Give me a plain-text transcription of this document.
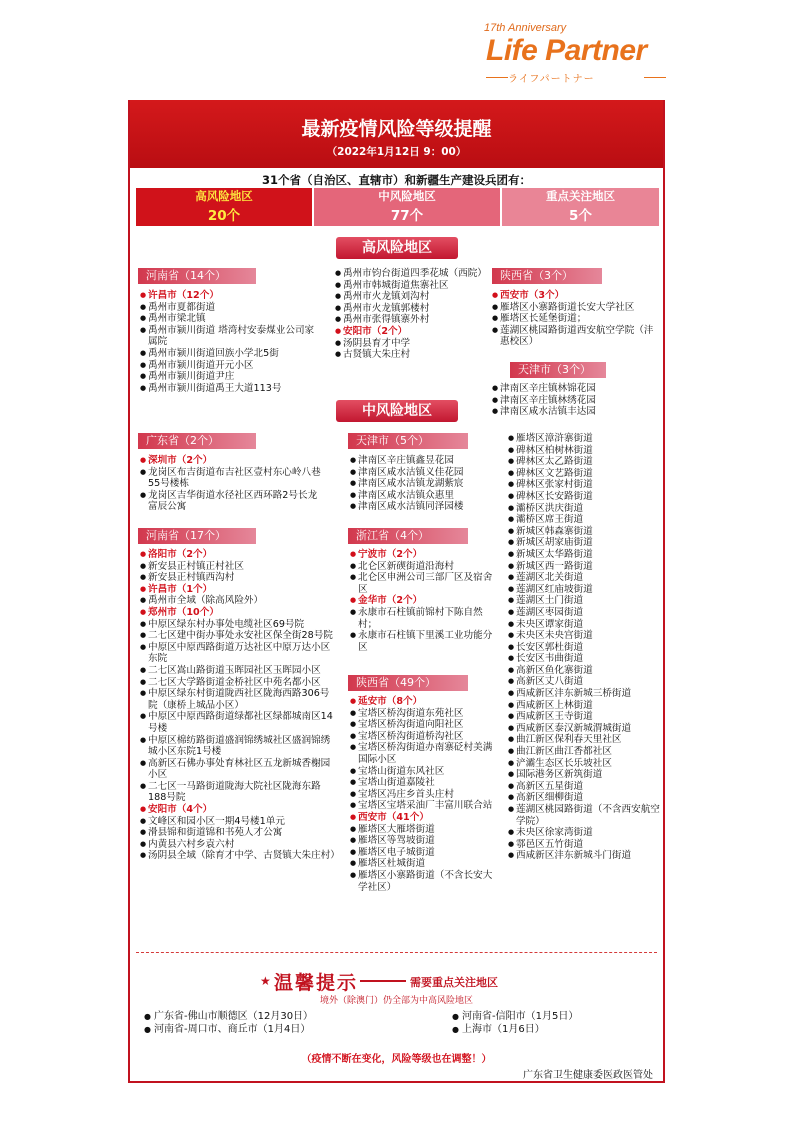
17th Anniversary
Life Partner
ライフパートナー
最新疫情风险等级提醒
（2022年1月12日 9：00）
31个省（自治区、直辖市）和新疆生产建设兵团有：
高风险地区
20个
中风险地区
77个
重点关注地区
5个
高风险地区
河南省（14个）
● 许昌市（12个）
● 禹州市夏都街道
● 禹州市梁北镇
● 禹州市颍川街道 塔湾村安泰煤业公司家属院
● 禹州市颍川街道回族小学北5街
● 禹州市颍川街道开元小区
● 禹州市颍川街道尹庄
● 禹州市颍川街道禹王大道113号
● 禹州市钧台街道四季花城（西院）
● 禹州市韩城街道焦寨社区
● 禹州市火龙镇刘沟村
● 禹州市火龙镇郭楼村
● 禹州市张得镇寨外村
● 安阳市（2个）
● 汤阴县育才中学
● 古贤镇大朱庄村
陕西省（3个）
● 西安市（3个）
● 雁塔区小寨路街道长安大学社区
● 雁塔区长延堡街道；
● 莲湖区桃园路街道西安航空学院（沣惠校区）
天津市（3个）
● 津南区辛庄镇林锦花园
● 津南区辛庄镇林绣花园
● 津南区咸水沽镇丰达园
中风险地区
广东省（2个）
● 深圳市（2个）
● 龙岗区布吉街道布吉社区壹村东心岭八巷55号楼栋
● 龙岗区吉华街道水径社区西环路2号长龙富辰公寓
河南省（17个）
● 洛阳市（2个）
● 新安县正村镇正村社区
● 新安县正村镇西沟村
● 许昌市（1个）
● 禹州市全域（除高风险外）
● 郑州市（10个）
● 中原区绿东村办事处电缆社区69号院
● 二七区建中街办事处永安社区保全街28号院
● 中原区中原西路街道万达社区中原万达小区东院
● 二七区嵩山路街道玉晖园社区玉晖园小区
● 二七区大学路街道金桥社区中苑名都小区
● 中原区绿东村街道陇西社区陇海西路306号院（康桥上城品小区）
● 中原区中原西路街道绿都社区绿都城南区14号楼
● 中原区棉纺路街道盛润锦绣城社区盛润锦绣城小区东院1号楼
● 高新区石佛办事处育林社区五龙新城香榭园小区
● 二七区一马路街道陇海大院社区陇海东路188号院
● 安阳市（4个）
● 文峰区和园小区一期4号楼1单元
● 滑县锦和街道锦和书苑人才公寓
● 内黄县六村乡袁六村
● 汤阴县全域（除育才中学、古贤镇大朱庄村）
天津市（5个）
● 津南区辛庄镇鑫昱花园
● 津南区咸水沽镇义佳花园
● 津南区咸水沽镇龙湖紫宸
● 津南区咸水沽镇众惠里
● 津南区咸水沽镇同泽园楼
浙江省（4个）
● 宁波市（2个）
● 北仑区新碶街道沿海村
● 北仑区申洲公司三部厂区及宿舍区
● 金华市（2个）
● 永康市石柱镇前锦村下陈自然村；
● 永康市石柱镇下里溪工业功能分区
陕西省（49个）
● 延安市（8个）
● 宝塔区桥沟街道东苑社区
● 宝塔区桥沟街道向阳社区
● 宝塔区桥沟街道桥沟社区
● 宝塔区桥沟街道办南寨砭村美满国际小区
● 宝塔山街道东风社区
● 宝塔山街道嘉陵社
● 宝塔区冯庄乡首头庄村
● 宝塔区宝塔采油厂丰富川联合站
● 西安市（41个）
● 雁塔区大雁塔街道
● 雁塔区等驾坡街道
● 雁塔区电子城街道
● 雁塔区杜城街道
● 雁塔区小寨路街道（不含长安大学社区）
● 雁塔区漳浒寨街道
● 碑林区柏树林街道
● 碑林区太乙路街道
● 碑林区文艺路街道
● 碑林区张家村街道
● 碑林区长安路街道
● 灞桥区洪庆街道
● 灞桥区席王街道
● 新城区韩森寨街道
● 新城区胡家庙街道
● 新城区太华路街道
● 新城区西一路街道
● 莲湖区北关街道
● 莲湖区红庙坡街道
● 莲湖区土门街道
● 莲湖区枣园街道
● 未央区谭家街道
● 未央区未央宫街道
● 长安区郭杜街道
● 长安区韦曲街道
● 高新区鱼化寨街道
● 高新区丈八街道
● 西咸新区沣东新城三桥街道
● 西咸新区上林街道
● 西咸新区王寺街道
● 西咸新区泰汉新城渭城街道
● 曲江新区保利春天里社区
● 曲江新区曲江香都社区
● 浐灞生态区长乐坡社区
● 国际港务区新筑街道
● 高新区五星街道
● 高新区细柳街道
● 莲湖区桃园路街道（不含西安航空学院）
● 未央区徐家湾街道
● 鄠邑区五竹街道
● 西咸新区沣东新城斗门街道
★ 温馨提示	需要重点关注地区
境外（除澳门）仍全部为中高风险地区
● 广东省-佛山市顺德区（12月30日）
● 河南省-周口市、商丘市（1月4日）
● 河南省-信阳市（1月5日）
● 上海市（1月6日）
（疫情不断在变化，风险等级也在调整！）
广东省卫生健康委医政医管处
